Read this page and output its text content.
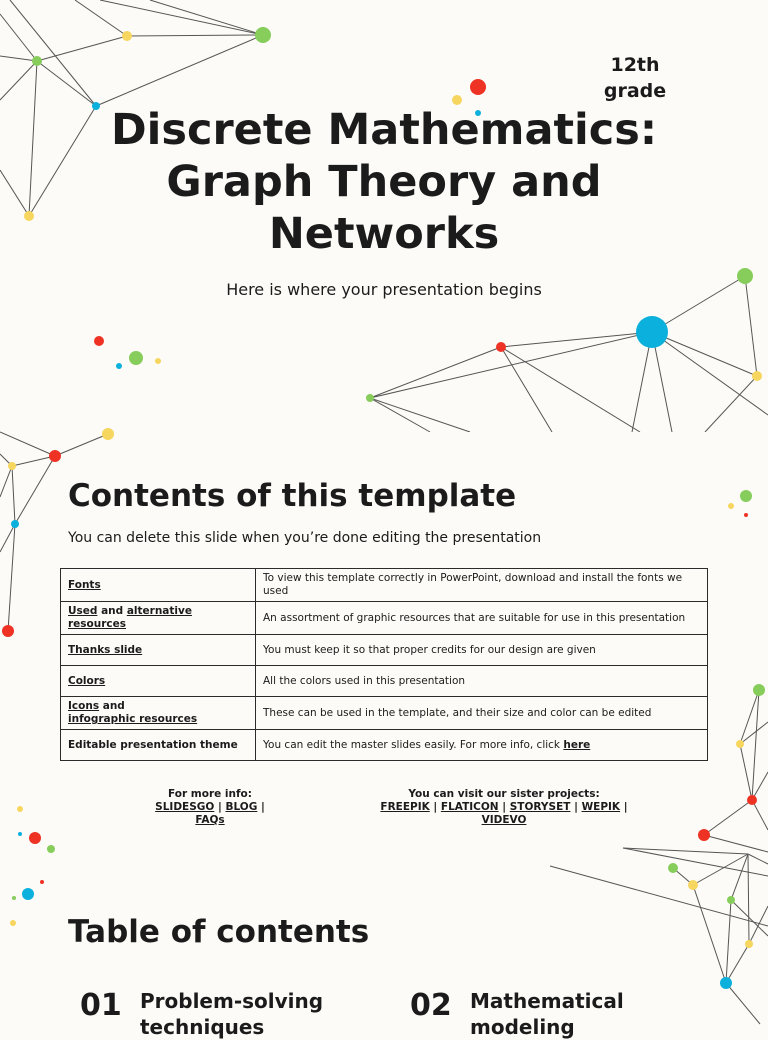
12th grade
Discrete Mathematics: Graph Theory and Networks
Here is where your presentation begins
Contents of this template
You can delete this slide when you’re done editing the presentation
Fonts	To view this template correctly in PowerPoint, download and install the fonts we used
Used and alternative resources	An assortment of graphic resources that are suitable for use in this presentation
Thanks slide	You must keep it so that proper credits for our design are given
Colors	All the colors used in this presentation
Icons and
infographic resources	These can be used in the template, and their size and color can be edited
Editable presentation theme	You can edit the master slides easily. For more info, click here
For more info:
SLIDESGO | BLOG |
FAQs
You can visit our sister projects:
FREEPIK | FLATICON | STORYSET | WEPIK |
VIDEVO
Table of contents
01 Problem-solving techniques
02 Mathematical modeling
